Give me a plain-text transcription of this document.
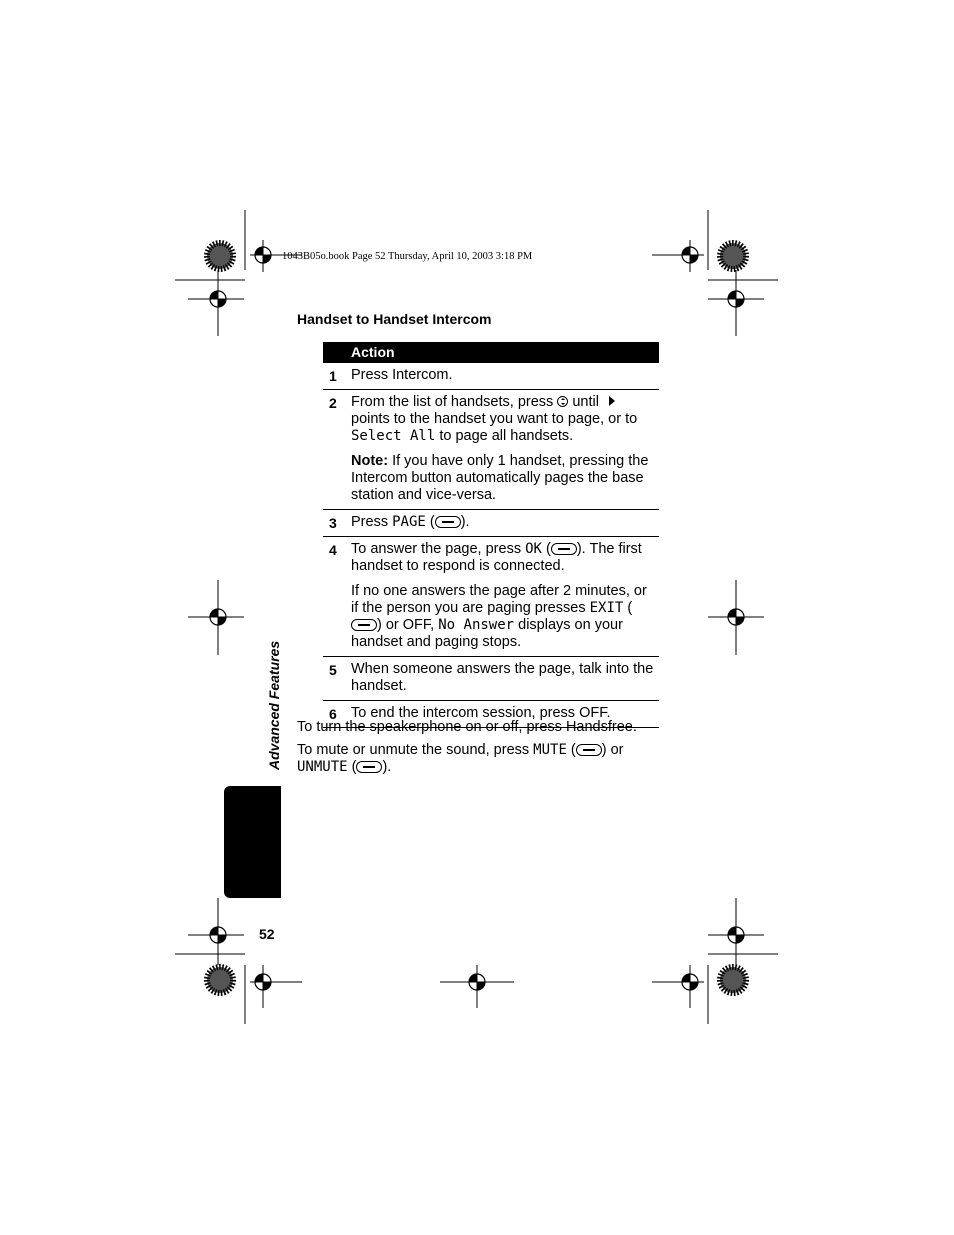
1043B05o.book Page 52 Thursday, April 10, 2003 3:18 PM
Handset to Handset Intercom
Action
1 Press Intercom.

2 From the list of handsets, press until  points to the handset you want to page, or to Select All to page all handsets.

Note: If you have only 1 handset, pressing the Intercom button automatically pages the base station and vice-versa.

3 Press PAGE ( ).

4 To answer the page, press OK ( ). The first handset to respond is connected.

If no one answers the page after 2 minutes, or if the person you are paging presses EXIT () or OFF, No Answer displays on your handset and paging stops.

5 When someone answers the page, talk into the handset.

6 To end the intercom session, press OFF.

To turn the speakerphone on or off, press Handsfree.
To mute or unmute the sound, press MUTE ( ) or
UNMUTE ( ).
Advanced Features
52
